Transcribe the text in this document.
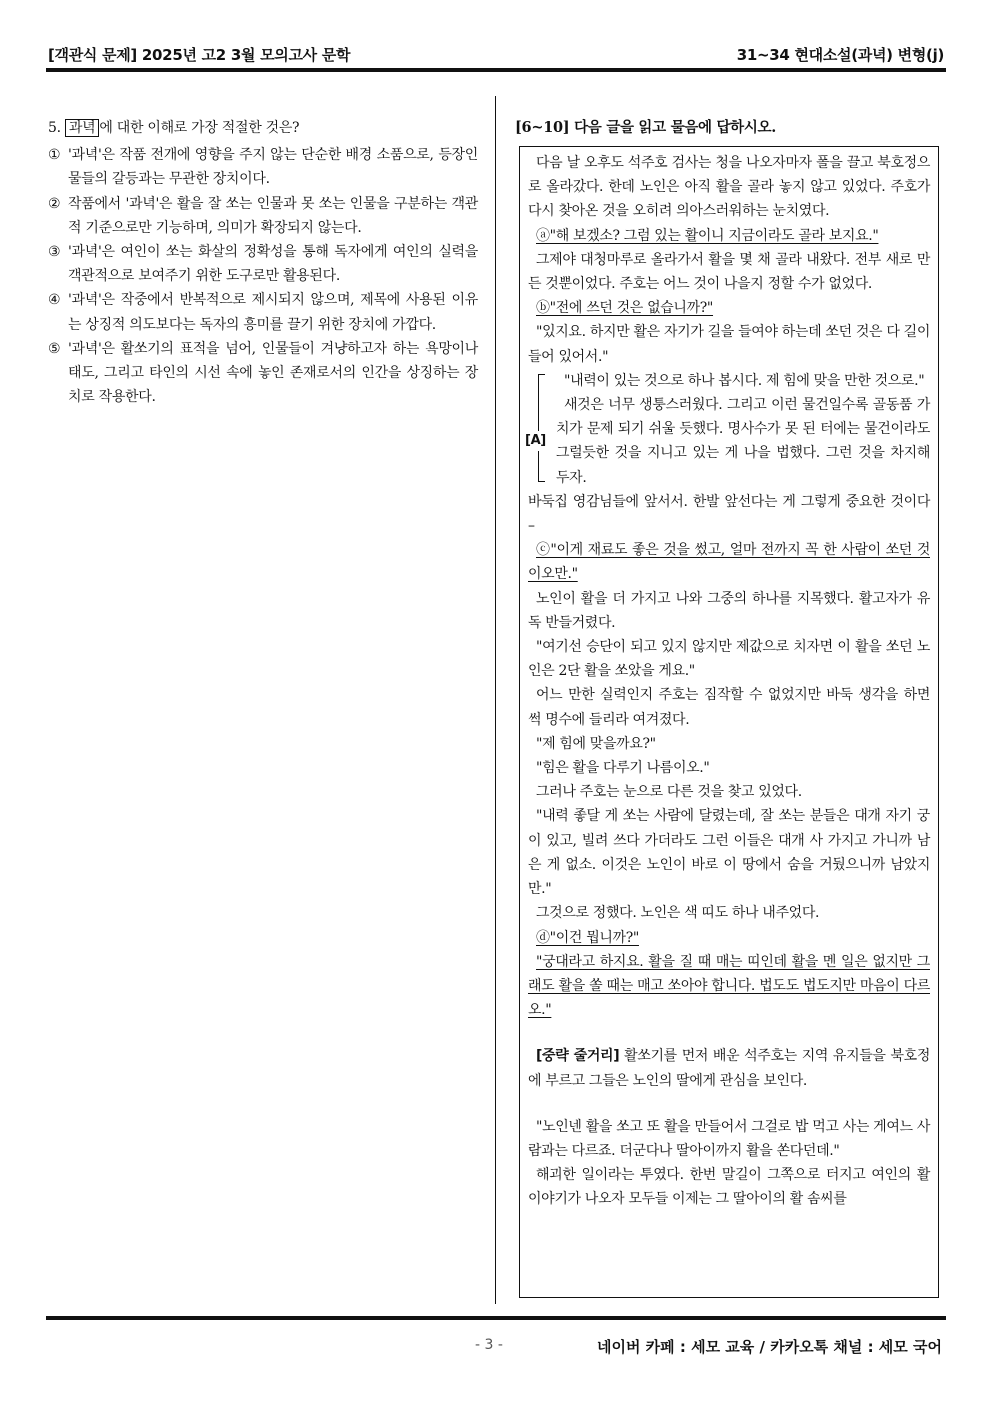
[객관식 문제] 2025년 고2 3월 모의고사 문학	31~34 현대소설(과녁) 변형(j)

5. 과녁 에 대한 이해로 가장 적절한 것은?

① '과녁'은 작품 전개에 영향을 주지 않는 단순한 배경 소품으로, 등장인물들의 갈등과는 무관한 장치이다.
② 작품에서 '과녁'은 활을 잘 쏘는 인물과 못 쏘는 인물을 구분하는 객관적 기준으로만 기능하며, 의미가 확장되지 않는다.
③ '과녁'은 여인이 쏘는 화살의 정확성을 통해 독자에게 여인의 실력을 객관적으로 보여주기 위한 도구로만 활용된다.
④ '과녁'은 작중에서 반복적으로 제시되지 않으며, 제목에 사용된 이유는 상징적 의도보다는 독자의 흥미를 끌기 위한 장치에 가깝다.
⑤ '과녁'은 활쏘기의 표적을 넘어, 인물들이 겨냥하고자 하는 욕망이나 태도, 그리고 타인의 시선 속에 놓인 존재로서의 인간을 상징하는 장치로 작용한다.
[6~10] 다음 글을 읽고 물음에 답하시오.

다음 날 오후도 석주호 검사는 청을 나오자마자 폴을 끌고 북호정으로 올라갔다. 한데 노인은 아직 활을 골라 놓지 않고 있었다. 주호가 다시 찾아온 것을 오히려 의아스러워하는 눈치였다.

ⓐ"해 보겠소? 그럼 있는 활이니 지금이라도 골라 보지요."

그제야 대청마루로 올라가서 활을 몇 채 골라 내왔다. 전부 새로 만든 것뿐이었다. 주호는 어느 것이 나을지 정할 수가 없었다.

ⓑ"전에 쓰던 것은 없습니까?"

"있지요. 하지만 활은 자기가 길을 들여야 하는데 쏘던 것은 다 길이 들어 있어서."

[A]

"내력이 있는 것으로 하나 봅시다. 제 힘에 맞을 만한 것으로."

새것은 너무 생퉁스러웠다. 그리고 이런 물건일수록 골동품 가치가 문제 되기 쉬울 듯했다. 명사수가 못 된 터에는 물건이라도 그럴듯한 것을 지니고 있는 게 나을 법했다. 그런 것을 차지해 두자.

바둑집 영감님들에 앞서서. 한발 앞선다는 게 그렇게 중요한 것이다 –

ⓒ"이게 재료도 좋은 것을 썼고, 얼마 전까지 꼭 한 사람이 쏘던 것이오만."

노인이 활을 더 가지고 나와 그중의 하나를 지목했다. 활고자가 유독 반들거렸다.

"여기선 승단이 되고 있지 않지만 제값으로 치자면 이 활을 쏘던 노인은 2단 활을 쏘았을 게요."

어느 만한 실력인지 주호는 짐작할 수 없었지만 바둑 생각을 하면 썩 명수에 들리라 여겨졌다.

"제 힘에 맞을까요?"

"힘은 활을 다루기 나름이오."

그러나 주호는 눈으로 다른 것을 찾고 있었다.

"내력 좋달 게 쏘는 사람에 달렸는데, 잘 쏘는 분들은 대개 자기 궁이 있고, 빌려 쓰다 가더라도 그런 이들은 대개 사 가지고 가니까 남은 게 없소. 이것은 노인이 바로 이 땅에서 숨을 거뒀으니까 남았지만."

그것으로 정했다. 노인은 색 띠도 하나 내주었다.

ⓓ"이건 뭡니까?"

"궁대라고 하지요. 활을 질 때 매는 띠인데 활을 멘 일은 없지만 그래도 활을 쏠 때는 매고 쏘아야 합니다. 법도도 법도지만 마음이 다르오."

[중략 줄거리] 활쏘기를 먼저 배운 석주호는 지역 유지들을 북호정에 부르고 그들은 노인의 딸에게 관심을 보인다.

"노인넨 활을 쏘고 또 활을 만들어서 그걸로 밥 먹고 사는 게여느 사람과는 다르죠. 더군다나 딸아이까지 활을 쏜다던데."

해괴한 일이라는 투였다. 한번 말길이 그쪽으로 터지고 여인의 활 이야기가 나오자 모두들 이제는 그 딸아이의 활 솜씨를

- 3 -	네이버 카페 : 세모 교육 / 카카오톡 채널 : 세모 국어
